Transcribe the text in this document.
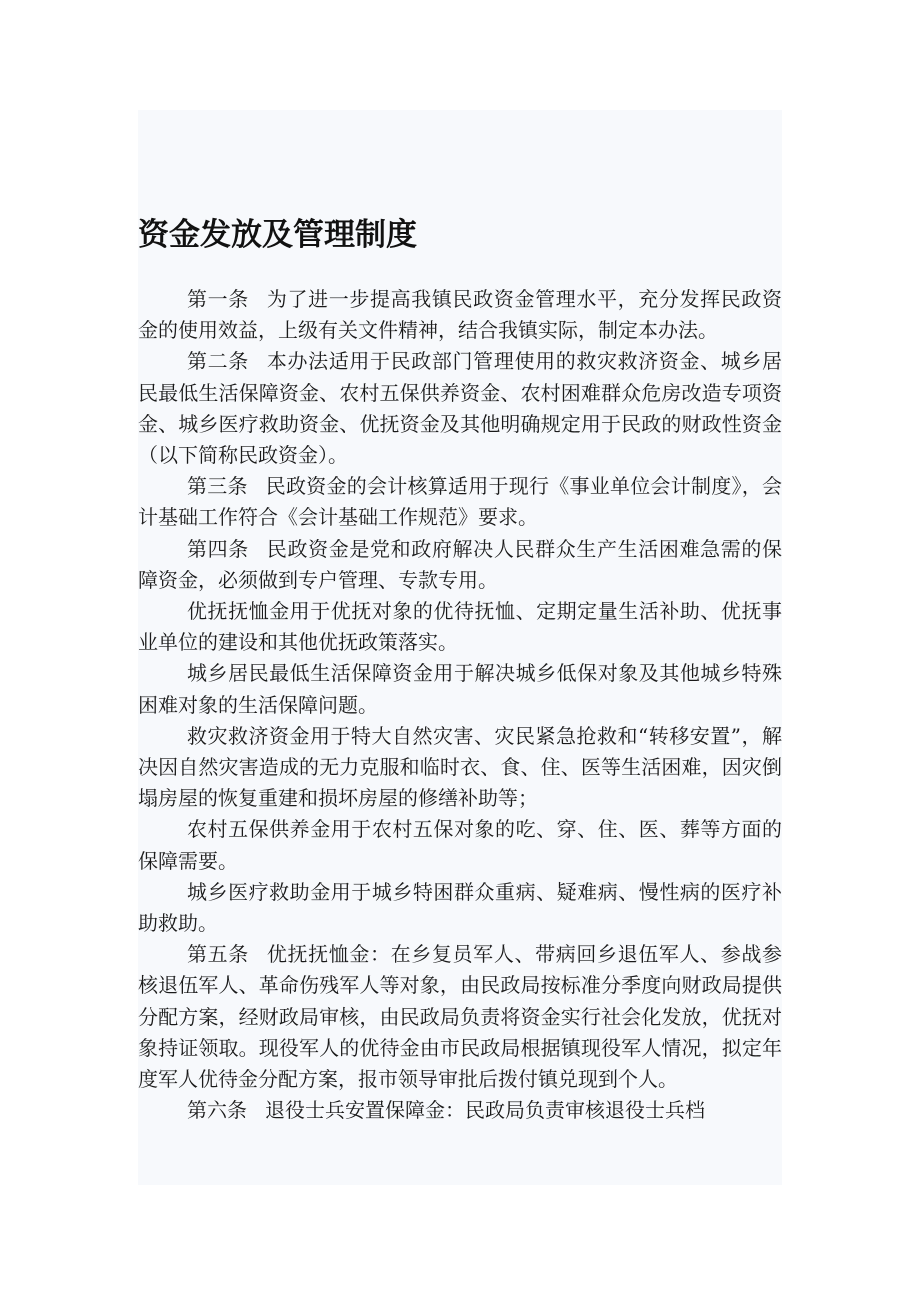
资金发放及管理制度

第一条 为了进一步提高我镇民政资金管理水平，充分发挥民政资金的使用效益，上级有关文件精神，结合我镇实际，制定本办法。

第二条 本办法适用于民政部门管理使用的救灾救济资金、城乡居民最低生活保障资金、农村五保供养资金、农村困难群众危房改造专项资金、城乡医疗救助资金、优抚资金及其他明确规定用于民政的财政性资金（以下简称民政资金）。

第三条 民政资金的会计核算适用于现行《事业单位会计制度》，会计基础工作符合《会计基础工作规范》要求。

第四条 民政资金是党和政府解决人民群众生产生活困难急需的保障资金，必须做到专户管理、专款专用。

优抚抚恤金用于优抚对象的优待抚恤、定期定量生活补助、优抚事业单位的建设和其他优抚政策落实。

城乡居民最低生活保障资金用于解决城乡低保对象及其他城乡特殊困难对象的生活保障问题。

救灾救济资金用于特大自然灾害、灾民紧急抢救和“转移安置”，解决因自然灾害造成的无力克服和临时衣、食、住、医等生活困难，因灾倒塌房屋的恢复重建和损坏房屋的修缮补助等；

农村五保供养金用于农村五保对象的吃、穿、住、医、葬等方面的保障需要。

城乡医疗救助金用于城乡特困群众重病、疑难病、慢性病的医疗补助救助。

第五条 优抚抚恤金：在乡复员军人、带病回乡退伍军人、参战参核退伍军人、革命伤残军人等对象，由民政局按标准分季度向财政局提供分配方案，经财政局审核，由民政局负责将资金实行社会化发放，优抚对象持证领取。现役军人的优待金由市民政局根据镇现役军人情况，拟定年度军人优待金分配方案，报市领导审批后拨付镇兑现到个人。

第六条 退役士兵安置保障金：民政局负责审核退役士兵档
